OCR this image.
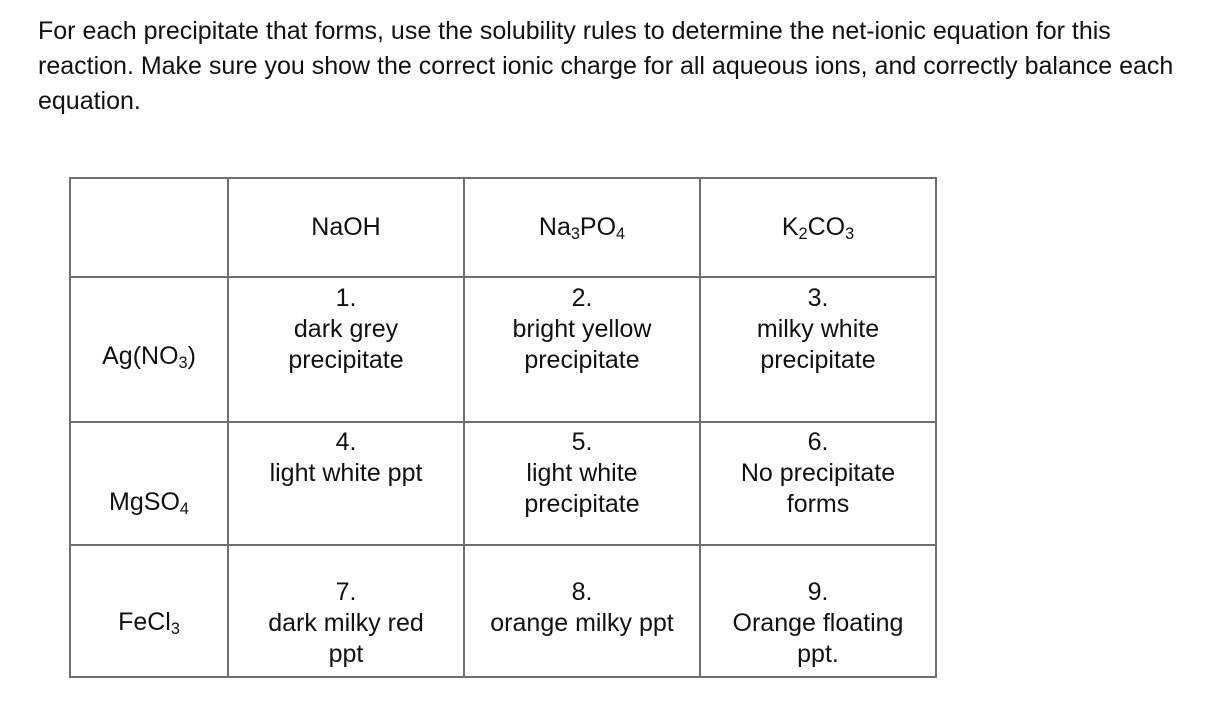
For each precipitate that forms, use the solubility rules to determine the net-ionic equation for this reaction. Make sure you show the correct ionic charge for all aqueous ions, and correctly balance each equation.

	NaOH	$Na_3PO_4$	$K_2CO_3$
$Ag(NO_3)$	1.
dark grey
precipitate	2.
bright yellow
precipitate	3.
milky white
precipitate

MgSO$_4$	4.
light white ppt	5.
light white
precipitate	6.
No precipitate
forms

FeCl$_3$	7.
dark milky red
ppt	8.
orange milky ppt	9.
Orange floating
ppt.
